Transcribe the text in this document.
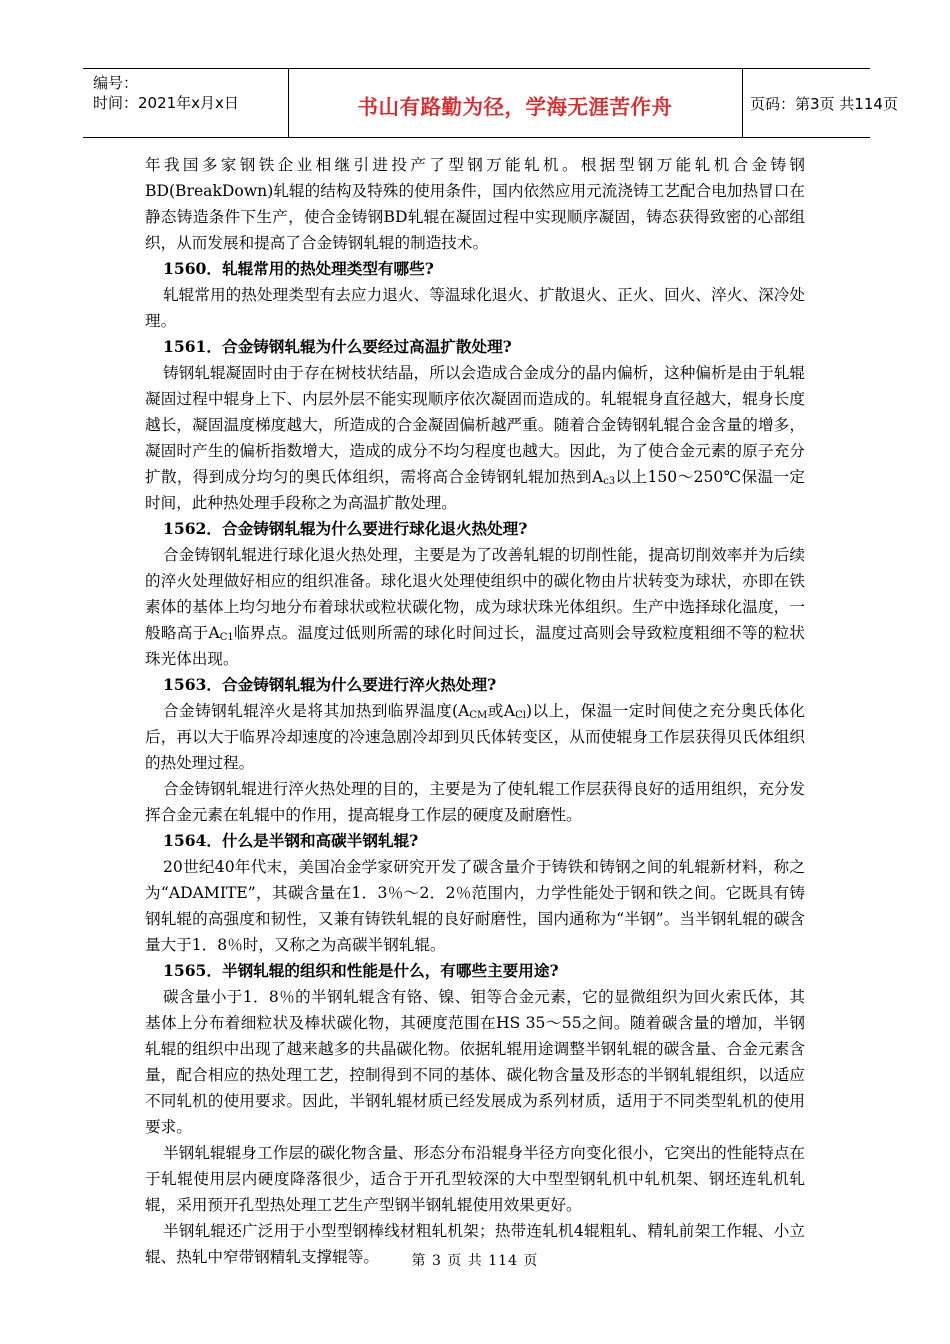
编号：
时间：2021年x月x日	书山有路勤为径，学海无涯苦作舟	页码：第3页 共114页

年我国多家钢铁企业相继引进投产了型钢万能轧机。根据型钢万能轧机合金铸钢BD(BreakDown)轧辊的结构及特殊的使用条件，国内依然应用元流浇铸工艺配合电加热冒口在静态铸造条件下生产，使合金铸钢BD轧辊在凝固过程中实现顺序凝固，铸态获得致密的心部组织，从而发展和提高了合金铸钢轧辊的制造技术。

1560．轧辊常用的热处理类型有哪些?

轧辊常用的热处理类型有去应力退火、等温球化退火、扩散退火、正火、回火、淬火、深冷处理。

1561．合金铸钢轧辊为什么要经过高温扩散处理?

铸钢轧辊凝固时由于存在树枝状结晶，所以会造成合金成分的晶内偏析，这种偏析是由于轧辊凝固过程中辊身上下、内层外层不能实现顺序依次凝固而造成的。轧辊辊身直径越大，辊身长度越长，凝固温度梯度越大，所造成的合金凝固偏析越严重。随着合金铸钢轧辊合金含量的增多，凝固时产生的偏析指数增大，造成的成分不均匀程度也越大。因此，为了使合金元素的原子充分扩散，得到成分均匀的奥氏体组织，需将高合金铸钢轧辊加热到$A_{c3}$以上150～250℃保温一定时间，此种热处理手段称之为高温扩散处理。

1562．合金铸钢轧辊为什么要进行球化退火热处理?

合金铸钢轧辊进行球化退火热处理，主要是为了改善轧辊的切削性能，提高切削效率并为后续的淬火处理做好相应的组织准备。球化退火处理使组织中的碳化物由片状转变为球状，亦即在铁素体的基体上均匀地分布着球状或粒状碳化物，成为球状珠光体组织。生产中选择球化温度，一般略高于$A_{C1}$临界点。温度过低则所需的球化时间过长，温度过高则会导致粒度粗细不等的粒状珠光体出现。

1563．合金铸钢轧辊为什么要进行淬火热处理?

合金铸钢轧辊淬火是将其加热到临界温度($A_{CM}$或$A_{Cl}$)以上，保温一定时间使之充分奥氏体化后，再以大于临界冷却速度的冷速急剧冷却到贝氏体转变区，从而使辊身工作层获得贝氏体组织的热处理过程。

合金铸钢轧辊进行淬火热处理的目的，主要是为了使轧辊工作层获得良好的适用组织，充分发挥合金元素在轧辊中的作用，提高辊身工作层的硬度及耐磨性。

1564．什么是半钢和高碳半钢轧辊?

20世纪40年代末，美国冶金学家研究开发了碳含量介于铸铁和铸钢之间的轧辊新材料，称之为“ADAMITE”，其碳含量在1．3％～2．2％范围内，力学性能处于钢和铁之间。它既具有铸钢轧辊的高强度和韧性，又兼有铸铁轧辊的良好耐磨性，国内通称为“半钢”。当半钢轧辊的碳含量大于1．8％时，又称之为高碳半钢轧辊。

1565．半钢轧辊的组织和性能是什么，有哪些主要用途?

碳含量小于1．8％的半钢轧辊含有铬、镍、钼等合金元素，它的显微组织为回火索氏体，其基体上分布着细粒状及棒状碳化物，其硬度范围在HS 35～55之间。随着碳含量的增加，半钢轧辊的组织中出现了越来越多的共晶碳化物。依据轧辊用途调整半钢轧辊的碳含量、合金元素含量，配合相应的热处理工艺，控制得到不同的基体、碳化物含量及形态的半钢轧辊组织，以适应不同轧机的使用要求。因此，半钢轧辊材质已经发展成为系列材质，适用于不同类型轧机的使用要求。

半钢轧辊辊身工作层的碳化物含量、形态分布沿辊身半径方向变化很小，它突出的性能特点在于轧辊使用层内硬度降落很少，适合于开孔型较深的大中型型钢轧机中轧机架、钢坯连轧机轧辊，采用预开孔型热处理工艺生产型钢半钢轧辊使用效果更好。

半钢轧辊还广泛用于小型型钢棒线材粗轧机架；热带连轧机4辊粗轧、精轧前架工作辊、小立辊、热轧中窄带钢精轧支撑辊等。	第 3 页 共 114 页
